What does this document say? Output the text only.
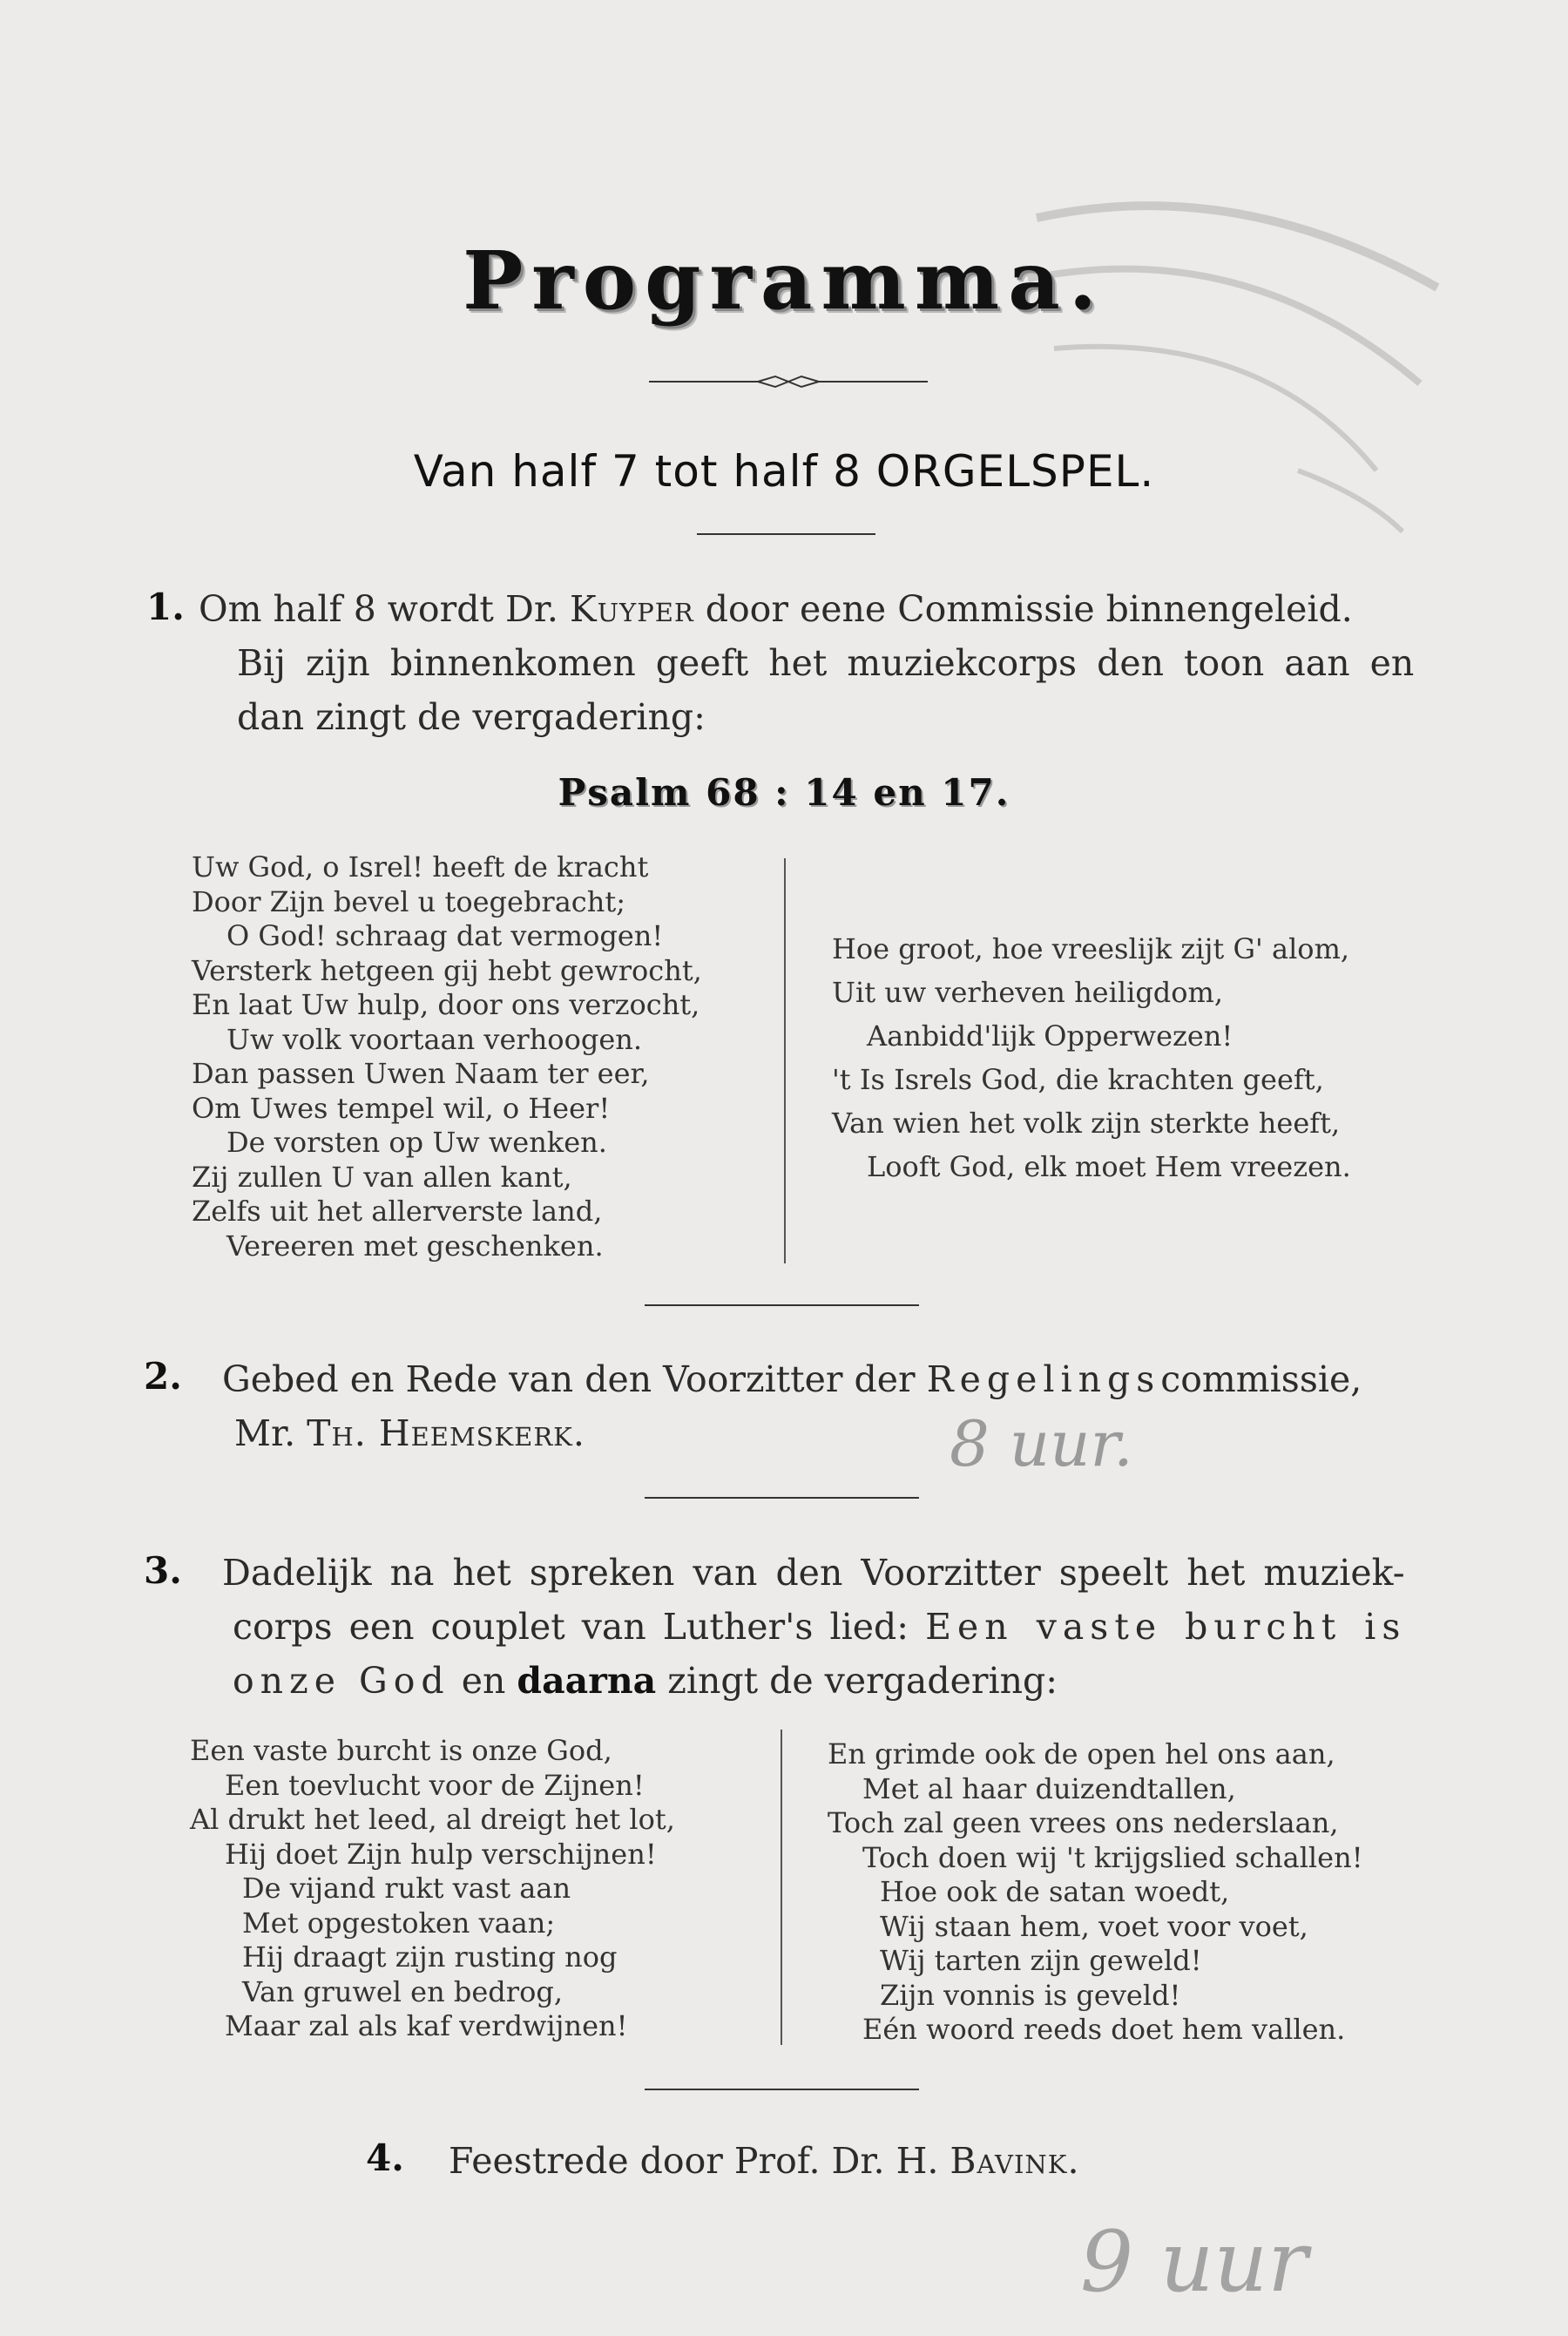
Programma.
Van half 7 tot half 8 ORGELSPEL.
1. Om half 8 wordt Dr. Kuyper door eene Commissie binnengeleid.
Bij zijn binnenkomen geeft het muziekcorps den toon aan en
dan zingt de vergadering:
Psalm 68 : 14 en 17.
Uw God, o Isrel! heeft de kracht
Door Zijn bevel u toegebracht;
O God! schraag dat vermogen!
Versterk hetgeen gij hebt gewrocht,
En laat Uw hulp, door ons verzocht,
Uw volk voortaan verhoogen.
Dan passen Uwen Naam ter eer,
Om Uwes tempel wil, o Heer!
De vorsten op Uw wenken.
Zij zullen U van allen kant,
Zelfs uit het allerverste land,
Vereeren met geschenken.
Hoe groot, hoe vreeslijk zijt G' alom,
Uit uw verheven heiligdom,
Aanbidd'lijk Opperwezen!
't Is Isrels God, die krachten geeft,
Van wien het volk zijn sterkte heeft,
Looft God, elk moet Hem vreezen.
2. Gebed en Rede van den Voorzitter der Regelingscommissie,
Mr. Th. Heemskerk.	8 uur.
3. Dadelijk na het spreken van den Voorzitter speelt het muziek-
corps een couplet van Luther's lied: Een vaste burcht is
onze God en daarna zingt de vergadering:
Een vaste burcht is onze God,
Een toevlucht voor de Zijnen!
Al drukt het leed, al dreigt het lot,
Hij doet Zijn hulp verschijnen!
De vijand rukt vast aan
Met opgestoken vaan;
Hij draagt zijn rusting nog
Van gruwel en bedrog,
Maar zal als kaf verdwijnen!
En grimde ook de open hel ons aan,
Met al haar duizendtallen,
Toch zal geen vrees ons nederslaan,
Toch doen wij 't krijgslied schallen!
Hoe ook de satan woedt,
Wij staan hem, voet voor voet,
Wij tarten zijn geweld!
Zijn vonnis is geveld!
Eén woord reeds doet hem vallen.
4. Feestrede door Prof. Dr. H. Bavink.
9 uur
